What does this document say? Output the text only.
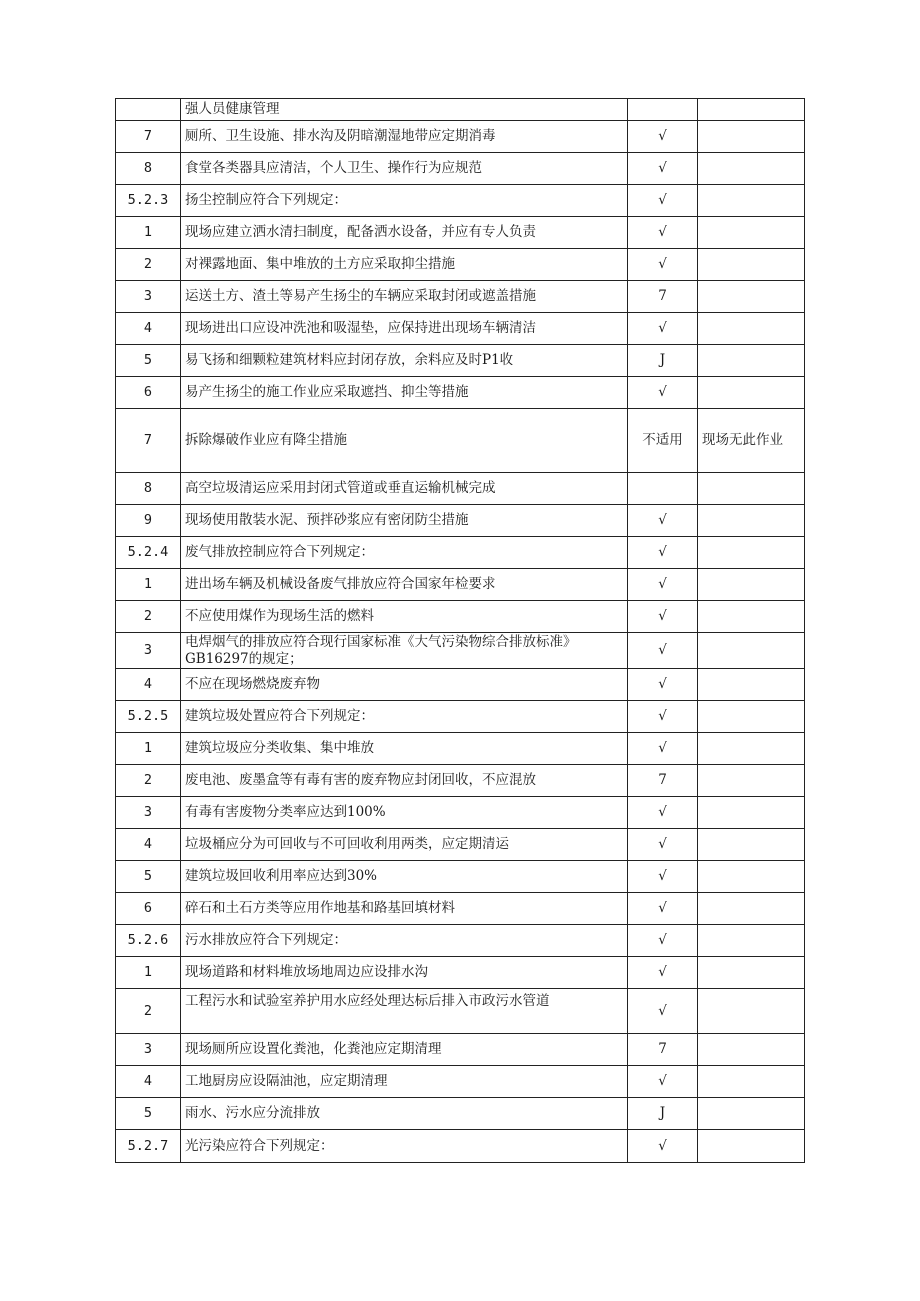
	强人员健康管理		
7	厕所、卫生设施、排水沟及阴暗潮湿地带应定期消毒	√	
8	食堂各类器具应清洁，个人卫生、操作行为应规范	√	
5.2.3	扬尘控制应符合下列规定：	√	
1	现场应建立洒水清扫制度，配备洒水设备，并应有专人负责	√	
2	对裸露地面、集中堆放的土方应采取抑尘措施	√	
3	运送土方、渣土等易产生扬尘的车辆应采取封闭或遮盖措施	7	
4	现场进出口应设冲洗池和吸湿垫，应保持进出现场车辆清洁	√	
5	易飞扬和细颗粒建筑材料应封闭存放，余料应及时P1收	J	
6	易产生扬尘的施工作业应采取遮挡、抑尘等措施	√	
7	拆除爆破作业应有降尘措施	不适用	现场无此作业
8	高空垃圾清运应采用封闭式管道或垂直运输机械完成		
9	现场使用散装水泥、预拌砂浆应有密闭防尘措施	√	
5.2.4	废气排放控制应符合下列规定：	√	
1	进出场车辆及机械设备废气排放应符合国家年检要求	√	
2	不应使用煤作为现场生活的燃料	√	
3	电焊烟气的排放应符合现行国家标准《大气污染物综合排放标准》GB16297的规定；	√	
4	不应在现场燃烧废弃物	√	
5.2.5	建筑垃圾处置应符合下列规定：	√	
1	建筑垃圾应分类收集、集中堆放	√	
2	废电池、废墨盒等有毒有害的废弃物应封闭回收，不应混放	7	
3	有毒有害废物分类率应达到100%	√	
4	垃圾桶应分为可回收与不可回收利用两类，应定期清运	√	
5	建筑垃圾回收利用率应达到30%	√	
6	碎石和土石方类等应用作地基和路基回填材料	√	
5.2.6	污水排放应符合下列规定：	√	
1	现场道路和材料堆放场地周边应设排水沟	√	
2	工程污水和试验室养护用水应经处理达标后排入市政污水管道	√	
3	现场厕所应设置化粪池，化粪池应定期清理	7	
4	工地厨房应设隔油池，应定期清理	√	
5	雨水、污水应分流排放	J	
5.2.7	光污染应符合下列规定：	√	
